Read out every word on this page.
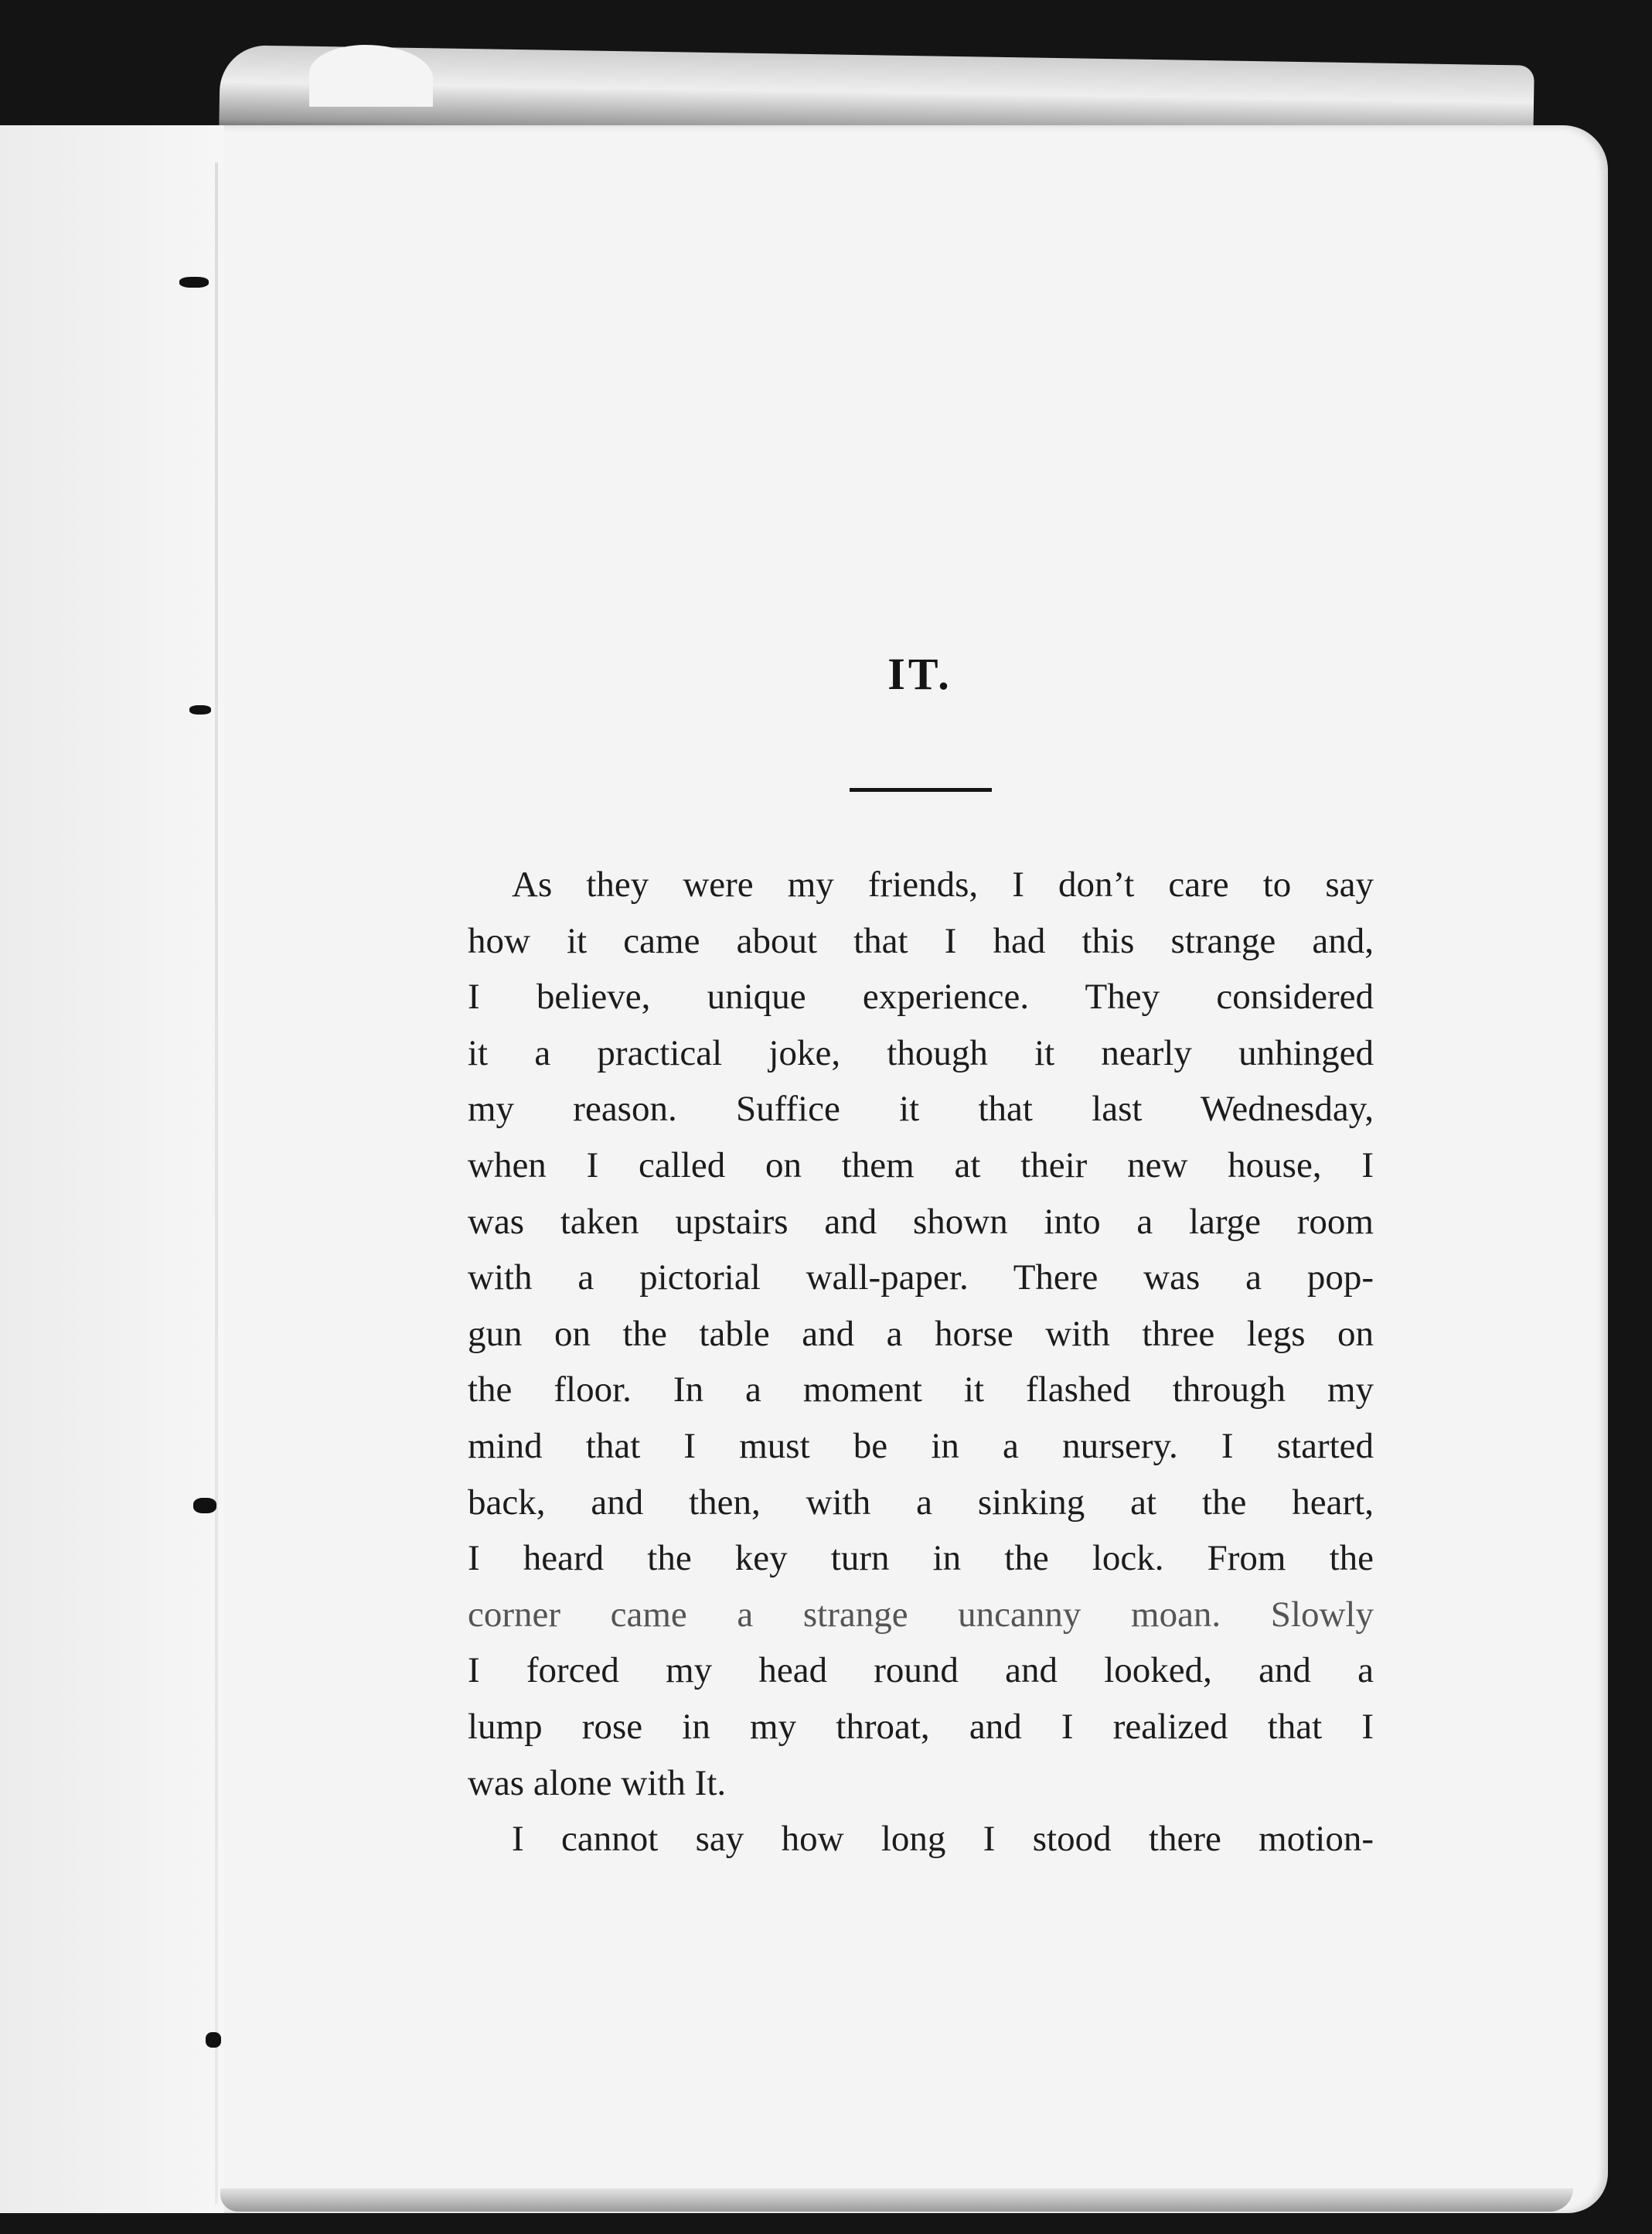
IT.
As they were my friends, I don’t care to say
how it came about that I had this strange and,
I believe, unique experience. They considered
it a practical joke, though it nearly unhinged
my reason. Suffice it that last Wednesday,
when I called on them at their new house, I
was taken upstairs and shown into a large room
with a pictorial wall-paper. There was a pop-
gun on the table and a horse with three legs on
the floor. In a moment it flashed through my
mind that I must be in a nursery. I started
back, and then, with a sinking at the heart,
I heard the key turn in the lock. From the
corner came a strange uncanny moan. Slowly
I forced my head round and looked, and a
lump rose in my throat, and I realized that I
was alone with It.
I cannot say how long I stood there motion-
